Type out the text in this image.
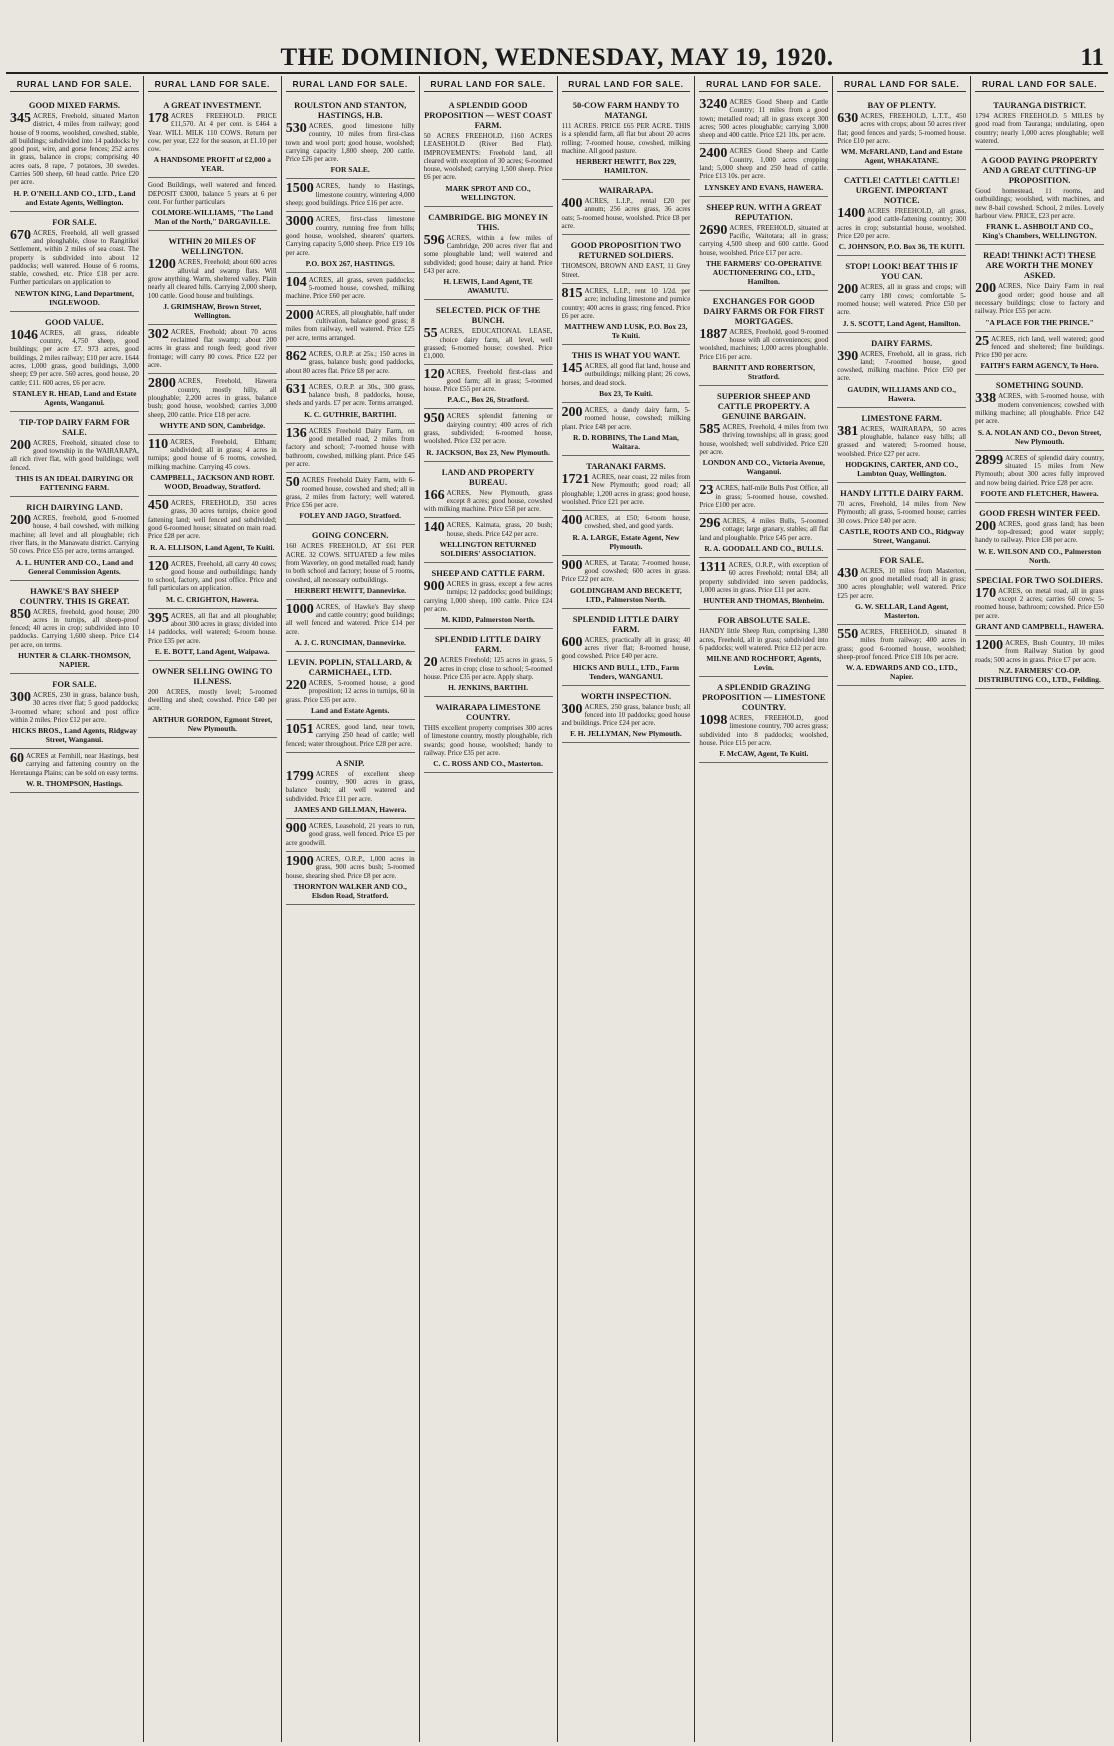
THE DOMINION, WEDNESDAY, MAY 19, 1920.	11
RURAL LAND FOR SALE.
GOOD MIXED FARMS.
345 ACRES, Freehold, situated Marton district, 4 miles from railway; good house of 9 rooms, woolshed, cowshed, stable, all buildings; subdivided into 14 paddocks by good post, wire, and gorse fences; 252 acres in grass, balance in crops; comprising 40 acres oats, 8 rape, 7 potatoes, 30 swedes. Carries 500 sheep, 60 head cattle. Price £20 per acre.
H. P. O'NEILL AND CO., LTD., Land and Estate Agents, Wellington.
FOR SALE.
670 ACRES, Freehold, all well grassed and ploughable, close to Rangitikei Settlement, within 2 miles of sea coast. The property is subdivided into about 12 paddocks; well watered. House of 6 rooms, stable, cowshed, etc. Price £18 per acre. Further particulars on application to
NEWTON KING, Land Department, INGLEWOOD.
GOOD VALUE.
1046 ACRES, all grass, rideable country, 4,750 sheep, good buildings; per acre £7. 973 acres, good buildings, 2 miles railway; £10 per acre. 1644 acres, 1,000 grass, good buildings, 3,000 sheep; £9 per acre. 560 acres, good house, 20 cattle; £11. 600 acres, £6 per acre.
STANLEY R. HEAD, Land and Estate Agents, Wanganui.
TIP-TOP DAIRY FARM FOR SALE.
200 ACRES, Freehold, situated close to good township in the WAIRARAPA, all rich river flat, with good buildings; well fenced.
THIS IS AN IDEAL DAIRYING OR FATTENING FARM.
RICH DAIRYING LAND.
200 ACRES, freehold, good 6-roomed house, 4 bail cowshed, with milking machine; all level and all ploughable; rich river flats, in the Manawatu district. Carrying 50 cows. Price £55 per acre, terms arranged.
A. L. HUNTER AND CO., Land and General Commission Agents.
HAWKE'S BAY SHEEP COUNTRY. THIS IS GREAT.
850 ACRES, freehold, good house; 200 acres in turnips, all sheep-proof fenced; 40 acres in crop; subdivided into 10 paddocks. Carrying 1,600 sheep. Price £14 per acre, on terms.
HUNTER & CLARK-THOMSON, NAPIER.
FOR SALE.
300 ACRES, 230 in grass, balance bush, 30 acres river flat; 5 good paddocks; 3-roomed whare; school and post office within 2 miles. Price £12 per acre.
HICKS BROS., Land Agents, Ridgway Street, Wanganui.
60 ACRES at Fernhill, near Hastings, best carrying and fattening country on the Heretaunga Plains; can be sold on easy terms.
W. R. THOMPSON, Hastings.
RURAL LAND FOR SALE.
A GREAT INVESTMENT.
178 ACRES FREEHOLD. PRICE £11,570. At 4 per cent. is £464 a Year. WILL MILK 110 COWS. Return per cow, per year, £22 for the season, at £1.10 per cow.
A HANDSOME PROFIT of £2,000 a YEAR.
Good Buildings, well watered and fenced. DEPOSIT £3000, balance 5 years at 6 per cent. For further particulars
COLMORE-WILLIAMS, "The Land Man of the North," DARGAVILLE.
WITHIN 20 MILES OF WELLINGTON.
1200 ACRES, Freehold; about 600 acres alluvial and swamp flats. Will grow anything. Warm, sheltered valley. Plain nearly all cleared hills. Carrying 2,000 sheep, 100 cattle. Good house and buildings.
J. GRIMSHAW, Brown Street, Wellington.
302 ACRES, Freehold; about 70 acres reclaimed flat swamp; about 200 acres in grass and rough feed; good river frontage; will carry 80 cows. Price £22 per acre.
2800 ACRES, Freehold, Hawera country, mostly hilly, all ploughable; 2,200 acres in grass, balance bush; good house, woolshed; carries 3,000 sheep, 200 cattle. Price £18 per acre.
WHYTE AND SON, Cambridge.
110 ACRES, Freehold, Eltham; subdivided; all in grass; 4 acres in turnips; good house of 6 rooms, cowshed, milking machine. Carrying 45 cows.
CAMPBELL, JACKSON AND ROBT. WOOD, Broadway, Stratford.
450 ACRES, FREEHOLD, 350 acres grass, 30 acres turnips, choice good fattening land; well fenced and subdivided; good 6-roomed house; situated on main road. Price £28 per acre.
R. A. ELLISON, Land Agent, Te Kuiti.
120 ACRES, Freehold, all carry 40 cows; good house and outbuildings; handy to school, factory, and post office. Price and full particulars on application.
M. C. CRIGHTON, Hawera.
395 ACRES, all flat and all ploughable; about 300 acres in grass; divided into 14 paddocks, well watered; 6-room house. Price £35 per acre.
E. E. BOTT, Land Agent, Waipawa.
OWNER SELLING OWING TO ILLNESS.
200 ACRES, mostly level; 5-roomed dwelling and shed; cowshed. Price £40 per acre.
ARTHUR GORDON, Egmont Street, New Plymouth.
RURAL LAND FOR SALE.
ROULSTON AND STANTON, HASTINGS, H.B.
530 ACRES, good limestone hilly country, 10 miles from first-class town and wool port; good house, woolshed; carrying capacity 1,800 sheep, 200 cattle. Price £26 per acre.
FOR SALE.
1500 ACRES, handy to Hastings, limestone country, wintering 4,000 sheep; good buildings. Price £16 per acre.
3000 ACRES, first-class limestone country, running free from hills; good house, woolshed, shearers' quarters. Carrying capacity 5,000 sheep. Price £19 10s per acre.
P.O. BOX 267, HASTINGS.
104 ACRES, all grass, seven paddocks; 5-roomed house, cowshed, milking machine. Price £60 per acre.
2000 ACRES, all ploughable, half under cultivation, balance good grass; 8 miles from railway, well watered. Price £25 per acre, terms arranged.
862 ACRES, O.R.P. at 25s.; 150 acres in grass, balance bush; good paddocks, about 80 acres flat. Price £8 per acre.
631 ACRES, O.R.P. at 30s., 300 grass, balance bush, 8 paddocks, house, sheds and yards. £7 per acre. Terms arranged.
K. C. GUTHRIE, BARTIHI.
136 ACRES Freehold Dairy Farm, on good metalled road, 2 miles from factory and school; 7-roomed house with bathroom, cowshed, milking plant. Price £45 per acre.
50 ACRES Freehold Dairy Farm, with 6-roomed house, cowshed and shed; all in grass, 2 miles from factory; well watered. Price £56 per acre.
FOLEY AND JAGO, Stratford.
GOING CONCERN.
160 ACRES FREEHOLD, AT £61 PER ACRE. 32 COWS. SITUATED a few miles from Waverley, on good metalled road; handy to both school and factory; house of 5 rooms, cowshed, all necessary outbuildings.
HERBERT HEWITT, Dannevirke.
1000 ACRES, of Hawke's Bay sheep and cattle country; good buildings; all well fenced and watered. Price £14 per acre.
A. J. C. RUNCIMAN, Dannevirke.
LEVIN. POPLIN, STALLARD, & CARMICHAEL, LTD.
220 ACRES, 5-roomed house, a good proposition; 12 acres in turnips, 60 in grass. Price £35 per acre.
Land and Estate Agents.
1051 ACRES, good land, near town, carrying 250 head of cattle; well fenced; water throughout. Price £28 per acre.
A SNIP.
1799 ACRES of excellent sheep country, 900 acres in grass, balance bush; all well watered and subdivided. Price £11 per acre.
JAMES AND GILLMAN, Hawera.
900 ACRES, Leasehold, 21 years to run, good grass, well fenced. Price £5 per acre goodwill.
1900 ACRES, O.R.P., 1,000 acres in grass, 900 acres bush; 5-roomed house, shearing shed. Price £8 per acre.
THORNTON WALKER AND CO., Elsdon Road, Stratford.
RURAL LAND FOR SALE.
A SPLENDID GOOD PROPOSITION — WEST COAST FARM.
50 ACRES FREEHOLD, 1160 ACRES LEASEHOLD (River Bed Flat). IMPROVEMENTS: Freehold land, all cleared with exception of 30 acres; 6-roomed house, woolshed; carrying 1,500 sheep. Price £6 per acre.
MARK SPROT AND CO., WELLINGTON.
CAMBRIDGE. BIG MONEY IN THIS.
596 ACRES, within a few miles of Cambridge, 200 acres river flat and some ploughable land; well watered and subdivided; good house; dairy at hand. Price £43 per acre.
H. LEWIS, Land Agent, TE AWAMUTU.
SELECTED. PICK OF THE BUNCH.
55 ACRES, EDUCATIONAL LEASE, choice dairy farm, all level, well grassed; 6-roomed house; cowshed. Price £1,000.
120 ACRES, Freehold first-class and good farm; all in grass; 5-roomed house. Price £55 per acre.
P.A.C., Box 26, Stratford.
950 ACRES splendid fattening or dairying country; 400 acres of rich grass, subdivided; 6-roomed house, woolshed. Price £32 per acre.
R. JACKSON, Box 23, New Plymouth.
LAND AND PROPERTY BUREAU.
166 ACRES, New Plymouth, grass except 8 acres; good house, cowshed with milking machine. Price £58 per acre.
140 ACRES, Kaimata, grass, 20 bush; house, sheds. Price £42 per acre.
WELLINGTON RETURNED SOLDIERS' ASSOCIATION.
SHEEP AND CATTLE FARM.
900 ACRES in grass, except a few acres turnips; 12 paddocks; good buildings; carrying 1,000 sheep, 100 cattle. Price £24 per acre.
M. KIDD, Palmerston North.
SPLENDID LITTLE DAIRY FARM.
20 ACRES Freehold; 125 acres in grass, 5 acres in crop; close to school; 5-roomed house. Price £35 per acre. Apply sharp.
H. JENKINS, BARTIHI.
WAIRARAPA LIMESTONE COUNTRY.
THIS excellent property comprises 300 acres of limestone country, mostly ploughable, rich swards; good house, woolshed; handy to railway. Price £35 per acre.
C. C. ROSS AND CO., Masterton.
RURAL LAND FOR SALE.
50-COW FARM HANDY TO MATANGI.
111 ACRES. PRICE £65 PER ACRE. THIS is a splendid farm, all flat but about 20 acres rolling; 7-roomed house, cowshed, milking machine. All good pasture.
HERBERT HEWITT, Box 229, HAMILTON.
WAIRARAPA.
400 ACRES, L.I.P., rental £20 per annum; 256 acres grass, 36 acres oats; 5-roomed house, woolshed. Price £8 per acre.
GOOD PROPOSITION TWO RETURNED SOLDIERS.
THOMSON, BROWN AND EAST, 11 Grey Street.
815 ACRES, L.I.P., rent 10 1/2d. per acre; including limestone and pumice country; 400 acres in grass; ring fenced. Price £6 per acre.
MATTHEW AND LUSK, P.O. Box 23, Te Kuiti.
THIS IS WHAT YOU WANT.
145 ACRES, all good flat land, house and outbuildings; milking plant; 26 cows, horses, and dead stock.
Box 23, Te Kuiti.
200 ACRES, a dandy dairy farm, 5-roomed house, cowshed; milking plant. Price £48 per acre.
R. D. ROBBINS, The Land Man, Waitara.
TARANAKI FARMS.
1721 ACRES, near coast, 22 miles from New Plymouth; good road; all ploughable; 1,200 acres in grass; good house, woolshed. Price £21 per acre.
400 ACRES, at £50; 6-room house, cowshed, shed, and good yards.
R. A. LARGE, Estate Agent, New Plymouth.
900 ACRES, at Tarata; 7-roomed house, good cowshed; 600 acres in grass. Price £22 per acre.
GOLDINGHAM AND BECKETT, LTD., Palmerston North.
SPLENDID LITTLE DAIRY FARM.
600 ACRES, practically all in grass; 40 acres river flat; 8-roomed house, good cowshed. Price £40 per acre.
HICKS AND BULL, LTD., Farm Tenders, WANGANUI.
WORTH INSPECTION.
300 ACRES, 250 grass, balance bush; all fenced into 10 paddocks; good house and buildings. Price £24 per acre.
F. H. JELLYMAN, New Plymouth.
RURAL LAND FOR SALE.
3240 ACRES Good Sheep and Cattle Country; 11 miles from a good town; metalled road; all in grass except 300 acres; 500 acres ploughable; carrying 3,000 sheep and 400 cattle. Price £21 10s. per acre.
2400 ACRES Good Sheep and Cattle Country, 1,000 acres cropping land; 5,000 sheep and 250 head of cattle. Price £13 10s. per acre.
LYNSKEY AND EVANS, HAWERA.
SHEEP RUN. WITH A GREAT REPUTATION.
2690 ACRES, FREEHOLD, situated at Pacific, Waitotara; all in grass; carrying 4,500 sheep and 600 cattle. Good house, woolshed. Price £17 per acre.
THE FARMERS' CO-OPERATIVE AUCTIONEERING CO., LTD., Hamilton.
EXCHANGES FOR GOOD DAIRY FARMS OR FOR FIRST MORTGAGES.
1887 ACRES, Freehold, good 9-roomed house with all conveniences; good woolshed, machines; 1,000 acres ploughable. Price £16 per acre.
BARNITT AND ROBERTSON, Stratford.
SUPERIOR SHEEP AND CATTLE PROPERTY. A GENUINE BARGAIN.
585 ACRES, Freehold, 4 miles from two thriving townships; all in grass; good house, woolshed; well subdivided. Price £20 per acre.
LONDON AND CO., Victoria Avenue, Wanganui.
23 ACRES, half-mile Bulls Post Office, all in grass; 5-roomed house, cowshed. Price £100 per acre.
296 ACRES, 4 miles Bulls, 5-roomed cottage; large granary, stables; all flat land and ploughable. Price £45 per acre.
R. A. GOODALL AND CO., BULLS.
1311 ACRES, O.R.P., with exception of 60 acres Freehold; rental £84; all property subdivided into seven paddocks, 1,000 acres in grass. Price £11 per acre.
HUNTER AND THOMAS, Blenheim.
FOR ABSOLUTE SALE.
HANDY little Sheep Run, comprising 1,380 acres, Freehold, all in grass; subdivided into 6 paddocks; well watered. Price £12 per acre.
MILNE AND ROCHFORT, Agents, Levin.
A SPLENDID GRAZING PROPOSITION — LIMESTONE COUNTRY.
1098 ACRES, FREEHOLD, good limestone country, 700 acres grass; subdivided into 8 paddocks; woolshed, house. Price £15 per acre.
F. McCAW, Agent, Te Kuiti.
RURAL LAND FOR SALE.
BAY OF PLENTY.
630 ACRES, FREEHOLD, L.T.T., 450 acres with crops; about 50 acres river flat; good fences and yards; 5-roomed house. Price £10 per acre.
WM. McFARLAND, Land and Estate Agent, WHAKATANE.
CATTLE! CATTLE! CATTLE! URGENT. IMPORTANT NOTICE.
1400 ACRES FREEHOLD, all grass, good cattle-fattening country; 300 acres in crop; substantial house, woolshed. Price £20 per acre.
C. JOHNSON, P.O. Box 36, TE KUITI.
STOP! LOOK! BEAT THIS IF YOU CAN.
200 ACRES, all in grass and crops; will carry 180 cows; comfortable 5-roomed house; well watered. Price £50 per acre.
J. S. SCOTT, Land Agent, Hamilton.
DAIRY FARMS.
390 ACRES, Freehold, all in grass, rich land; 7-roomed house, good cowshed, milking machine. Price £50 per acre.
GAUDIN, WILLIAMS AND CO., Hawera.
LIMESTONE FARM.
381 ACRES, WAIRARAPA, 50 acres ploughable, balance easy hills; all grassed and watered; 5-roomed house, woolshed. Price £27 per acre.
HODGKINS, CARTER, AND CO., Lambton Quay, Wellington.
HANDY LITTLE DAIRY FARM.
70 acres, Freehold, 14 miles from New Plymouth; all grass, 5-roomed house; carries 30 cows. Price £40 per acre.
CASTLE, ROOTS AND CO., Ridgway Street, Wanganui.
FOR SALE.
430 ACRES, 10 miles from Masterton, on good metalled road; all in grass; 300 acres ploughable; well watered. Price £25 per acre.
G. W. SELLAR, Land Agent, Masterton.
550 ACRES, FREEHOLD, situated 8 miles from railway; 400 acres in grass; good 6-roomed house, woolshed; sheep-proof fenced. Price £18 10s per acre.
W. A. EDWARDS AND CO., LTD., Napier.
RURAL LAND FOR SALE.
TAURANGA DISTRICT.
1794 ACRES FREEHOLD. 5 MILES by good road from Tauranga; undulating, open country; nearly 1,000 acres ploughable; well watered.
A GOOD PAYING PROPERTY AND A GREAT CUTTING-UP PROPOSITION.
Good homestead, 11 rooms, and outbuildings; woolshed, with machines, and new 8-bail cowshed. School, 2 miles. Lovely harbour view. PRICE, £23 per acre.
FRANK L. ASHBOLT AND CO., King's Chambers, WELLINGTON.
READ! THINK! ACT! THESE ARE WORTH THE MONEY ASKED.
200 ACRES, Nice Dairy Farm in real good order; good house and all necessary buildings; close to factory and railway. Price £55 per acre.
"A PLACE FOR THE PRINCE."
25 ACRES, rich land, well watered; good fenced and sheltered; fine buildings. Price £90 per acre.
FAITH'S FARM AGENCY, Te Horo.
SOMETHING SOUND.
338 ACRES, with 5-roomed house, with modern conveniences; cowshed with milking machine; all ploughable. Price £42 per acre.
S. A. NOLAN AND CO., Devon Street, New Plymouth.
2899 ACRES of splendid dairy country, situated 15 miles from New Plymouth; about 300 acres fully improved and now being dairied. Price £28 per acre.
FOOTE AND FLETCHER, Hawera.
GOOD FRESH WINTER FEED.
200 ACRES, good grass land; has been top-dressed; good water supply; handy to railway. Price £38 per acre.
W. E. WILSON AND CO., Palmerston North.
SPECIAL FOR TWO SOLDIERS.
170 ACRES, on metal road, all in grass except 2 acres; carries 60 cows; 5-roomed house, bathroom; cowshed. Price £50 per acre.
GRANT AND CAMPBELL, HAWERA.
1200 ACRES, Bush Country, 10 miles from Railway Station by good roads; 500 acres in grass. Price £7 per acre.
N.Z. FARMERS' CO-OP. DISTRIBUTING CO., LTD., Feilding.
